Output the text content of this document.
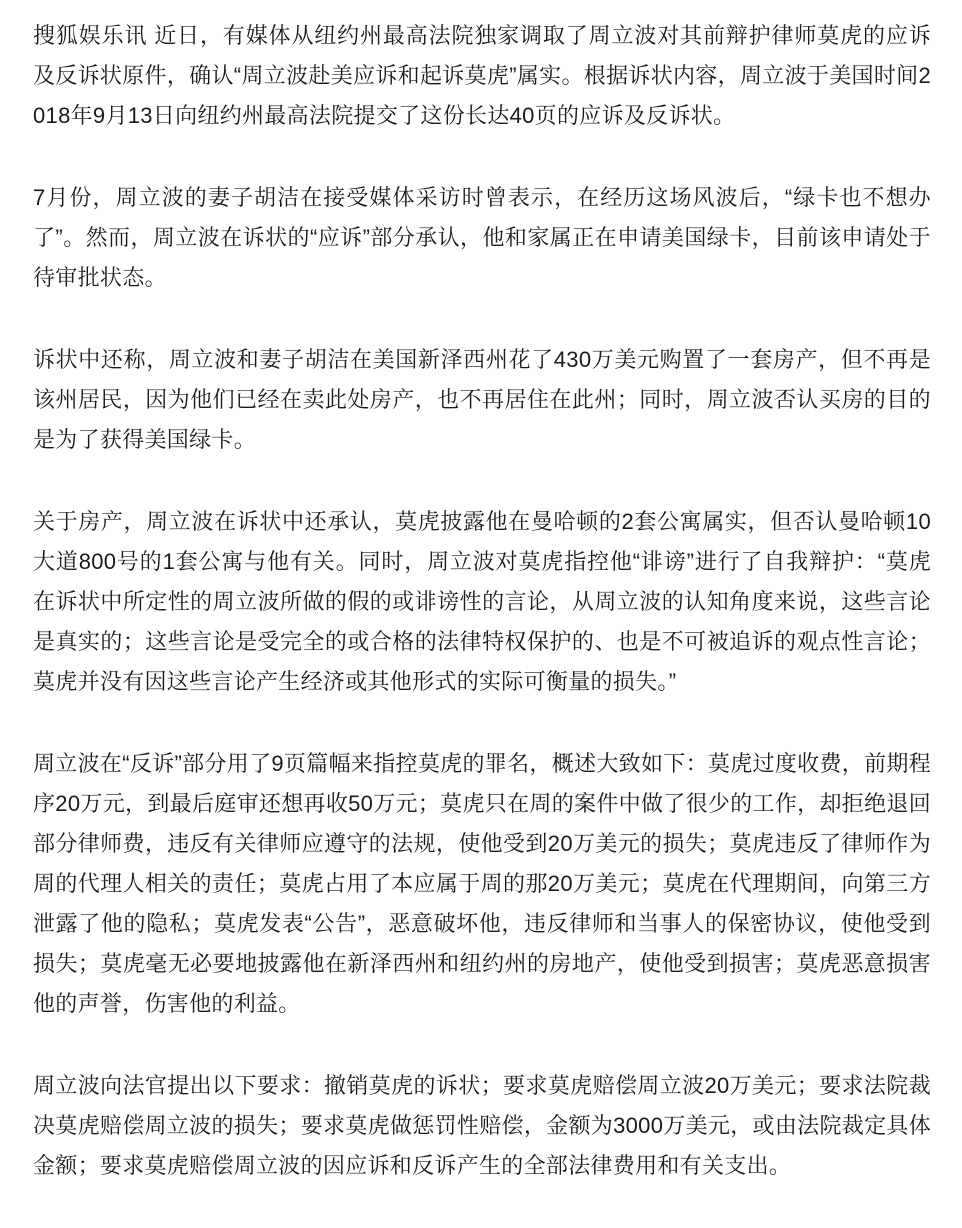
搜狐娱乐讯 近日，有媒体从纽约州最高法院独家调取了周立波对其前辩护律师莫虎的应诉及反诉状原件，确认“周立波赴美应诉和起诉莫虎”属实。根据诉状内容，周立波于美国时间2018年9月13日向纽约州最高法院提交了这份长达40页的应诉及反诉状。

7月份，周立波的妻子胡洁在接受媒体采访时曾表示，在经历这场风波后，“绿卡也不想办了”。然而，周立波在诉状的“应诉”部分承认，他和家属正在申请美国绿卡，目前该申请处于待审批状态。

诉状中还称，周立波和妻子胡洁在美国新泽西州花了430万美元购置了一套房产，但不再是该州居民，因为他们已经在卖此处房产，也不再居住在此州；同时，周立波否认买房的目的是为了获得美国绿卡。

关于房产，周立波在诉状中还承认，莫虎披露他在曼哈顿的2套公寓属实，但否认曼哈顿10大道800号的1套公寓与他有关。同时，周立波对莫虎指控他“诽谤”进行了自我辩护：“莫虎在诉状中所定性的周立波所做的假的或诽谤性的言论，从周立波的认知角度来说，这些言论是真实的；这些言论是受完全的或合格的法律特权保护的、也是不可被追诉的观点性言论；莫虎并没有因这些言论产生经济或其他形式的实际可衡量的损失。”

周立波在“反诉”部分用了9页篇幅来指控莫虎的罪名，概述大致如下：莫虎过度收费，前期程序20万元，到最后庭审还想再收50万元；莫虎只在周的案件中做了很少的工作，却拒绝退回部分律师费，违反有关律师应遵守的法规，使他受到20万美元的损失；莫虎违反了律师作为周的代理人相关的责任；莫虎占用了本应属于周的那20万美元；莫虎在代理期间，向第三方泄露了他的隐私；莫虎发表“公告”，恶意破坏他，违反律师和当事人的保密协议，使他受到损失；莫虎毫无必要地披露他在新泽西州和纽约州的房地产，使他受到损害；莫虎恶意损害他的声誉，伤害他的利益。

周立波向法官提出以下要求：撤销莫虎的诉状；要求莫虎赔偿周立波20万美元；要求法院裁决莫虎赔偿周立波的损失；要求莫虎做惩罚性赔偿，金额为3000万美元，或由法院裁定具体金额；要求莫虎赔偿周立波的因应诉和反诉产生的全部法律费用和有关支出。
